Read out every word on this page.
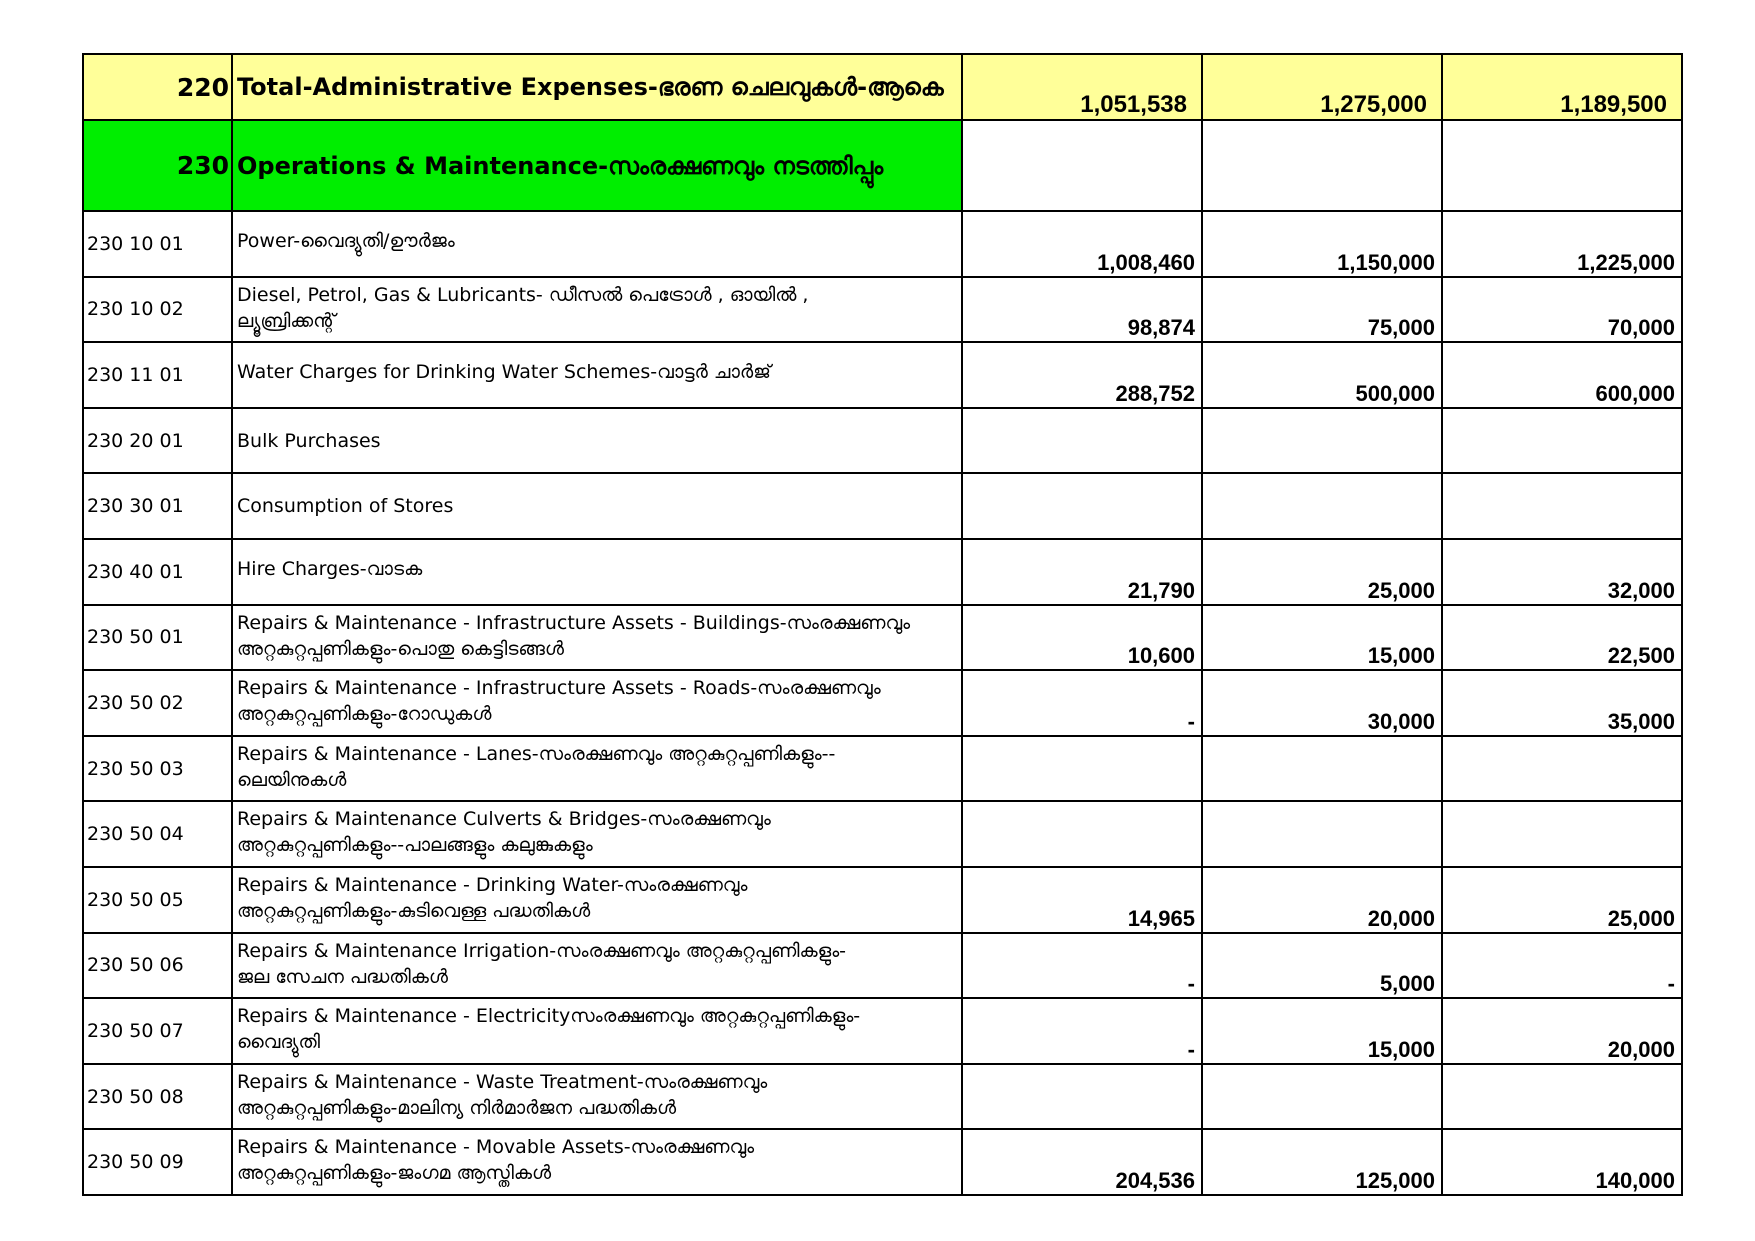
220	Total-Administrative Expenses-ഭരണ ചെലവുകൾ-ആകെ	1,051,538	1,275,000	1,189,500
230	Operations & Maintenance-സംരക്ഷണവും നടത്തിപ്പും			
230 10 01	Power-വൈദ്യുതി/ഊർജം	1,008,460	1,150,000	1,225,000
230 10 02	Diesel, Petrol, Gas & Lubricants- ഡീസൽ പെട്രോൾ , ഓയിൽ ,
ല്യൂബ്രിക്കന്റ്	98,874	75,000	70,000
230 11 01	Water Charges for Drinking Water Schemes-വാട്ടർ ചാർജ്	288,752	500,000	600,000
230 20 01	Bulk Purchases			
230 30 01	Consumption of Stores			
230 40 01	Hire Charges-വാടക	21,790	25,000	32,000
230 50 01	Repairs & Maintenance - Infrastructure Assets - Buildings-സംരക്ഷണവും
അറ്റകുറ്റപ്പണികളും-പൊതു കെട്ടിടങ്ങൾ	10,600	15,000	22,500
230 50 02	Repairs & Maintenance - Infrastructure Assets - Roads-സംരക്ഷണവും
അറ്റകുറ്റപ്പണികളും-റോഡുകൾ	-	30,000	35,000
230 50 03	Repairs & Maintenance - Lanes-സംരക്ഷണവും അറ്റകുറ്റപ്പണികളും--
ലെയിനുകൾ			
230 50 04	Repairs & Maintenance Culverts & Bridges-സംരക്ഷണവും
അറ്റകുറ്റപ്പണികളും--പാലങ്ങളും കലുങ്കുകളും			
230 50 05	Repairs & Maintenance - Drinking Water-സംരക്ഷണവും
അറ്റകുറ്റപ്പണികളും-കുടിവെള്ള പദ്ധതികൾ	14,965	20,000	25,000
230 50 06	Repairs & Maintenance Irrigation-സംരക്ഷണവും അറ്റകുറ്റപ്പണികളും-
ജല സേചന പദ്ധതികൾ	-	5,000	-
230 50 07	Repairs & Maintenance - Electricityസംരക്ഷണവും അറ്റകുറ്റപ്പണികളും-
വൈദ്യുതി	-	15,000	20,000
230 50 08	Repairs & Maintenance - Waste Treatment-സംരക്ഷണവും
അറ്റകുറ്റപ്പണികളും-മാലിന്യ നിർമാർജന പദ്ധതികൾ			
230 50 09	Repairs & Maintenance - Movable Assets-സംരക്ഷണവും
അറ്റകുറ്റപ്പണികളും-ജംഗമ ആസ്തികൾ	204,536	125,000	140,000
